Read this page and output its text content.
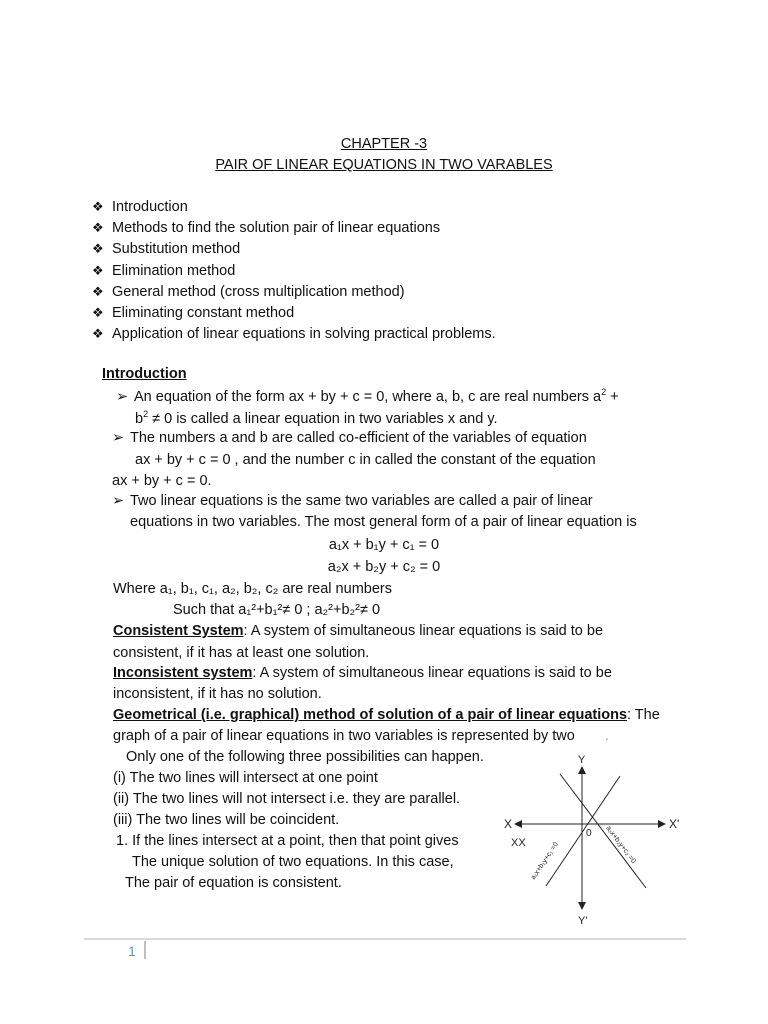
CHAPTER -3
PAIR OF LINEAR EQUATIONS IN TWO VARABLES
❖ Introduction
❖ Methods to find the solution pair of linear equations
❖ Substitution method
❖ Elimination method
❖ General method (cross multiplication method)
❖ Eliminating constant method
❖ Application of linear equations in solving practical problems.
Introduction
➢ An equation of the form ax + by + c = 0, where a, b, c are real numbers $a^2$ +
$b^2 \ne 0$ is called a linear equation in two variables x and y.
➢ The numbers a and b are called co-efficient of the variables of equation
ax + by + c = 0 , and the number c in called the constant of the equation
ax + by + c = 0.
➢ Two linear equations is the same two variables are called a pair of linear
equations in two variables. The most general form of a pair of linear equation is
a₁x + b₁y + c₁ = 0
a₂x + b₂y + c₂ = 0
Where a₁, b₁, c₁, a₂, b₂, c₂ are real numbers
Such that a₁²+b₁²≠ 0 ; a₂²+b₂²≠ 0
Consistent System: A system of simultaneous linear equations is said to be
consistent, if it has at least one solution.
Inconsistent system: A system of simultaneous linear equations is said to be
inconsistent, if it has no solution.
Geometrical (i.e. graphical) method of solution of a pair of linear equations: The
graph of a pair of linear equations in two variables is represented by two .
Only one of the following three possibilities can happen.
(i) The two lines will intersect at one point
(ii) The two lines will not intersect i.e. they are parallel.
(iii) The two lines will be coincident.
1. If the lines intersect at a point, then that point gives
The unique solution of two equations. In this case,
The pair of equation is consistent.
Y
Y'
X	X'
0
XX a₁x+b₁y+c₁ =0	a₂x+b₂y+c₂ =0
1
